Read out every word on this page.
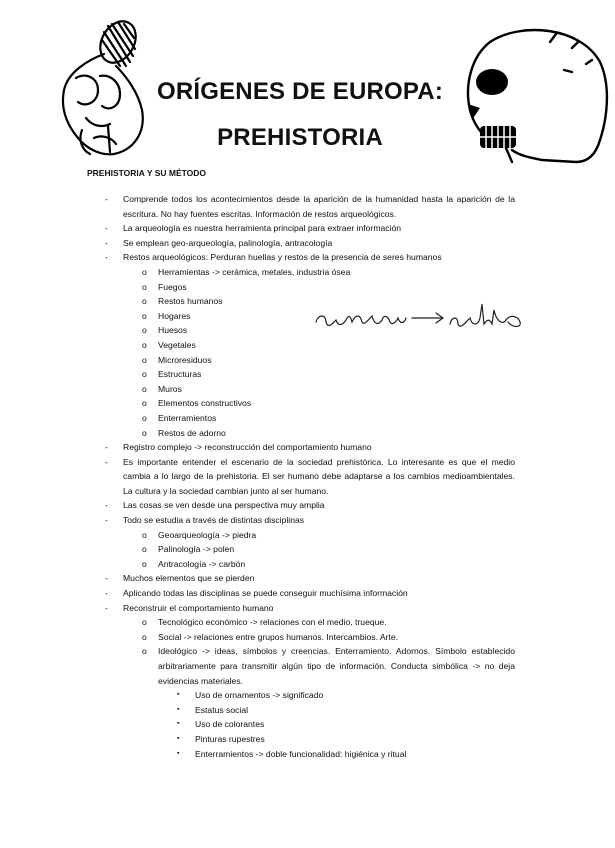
ORÍGENES DE EUROPA:
PREHISTORIA
PREHISTORIA Y SU MÉTODO
- Comprende todos los acontecimientos desde la aparición de la humanidad hasta la aparición de la escritura. No hay fuentes escritas. Información de restos arqueológicos.
- La arqueología es nuestra herramienta principal para extraer información
- Se emplean geo-arqueología, palinología, antracología
- Restos arqueológicos: Perduran huellas y restos de la presencia de seres humanos
o Herramientas -> cerámica, metales, industria ósea
o Fuegos
o Restos humanos
o Hogares
o Huesos
o Vegetales
o Microresiduos
o Estructuras
o Muros
o Elementos constructivos
o Enterramientos
o Restos de adorno
- Registro complejo -> reconstrucción del comportamiento humano
- Es importante entender el escenario de la sociedad prehistórica. Lo interesante es que el medio cambia a lo largo de la prehistoria. El ser humano debe adaptarse a los cambios medioambientales. La cultura y la sociedad cambian junto al ser humano.
- Las cosas se ven desde una perspectiva muy amplia
- Todo se estudia a través de distintas disciplinas
o Geoarqueología -> piedra
o Palinología -> polen
o Antracología -> carbón
- Muchos elementos que se pierden
- Aplicando todas las disciplinas se puede conseguir muchísima información
- Reconstruir el comportamiento humano
o Tecnológico económico -> relaciones con el medio, trueque.
o Social -> relaciones entre grupos humanos. Intercambios. Arte.
o Ideológico -> ideas, símbolos y creencias. Enterramiento. Adornos. Símbolo establecido arbitrariamente para transmitir algún tipo de información. Conducta simbólica -> no deja evidencias materiales.
▪ Uso de ornamentos -> significado
▪ Estatus social
▪ Uso de colorantes
▪ Pinturas rupestres
▪ Enterramientos -> doble funcionalidad: higiénica y ritual
